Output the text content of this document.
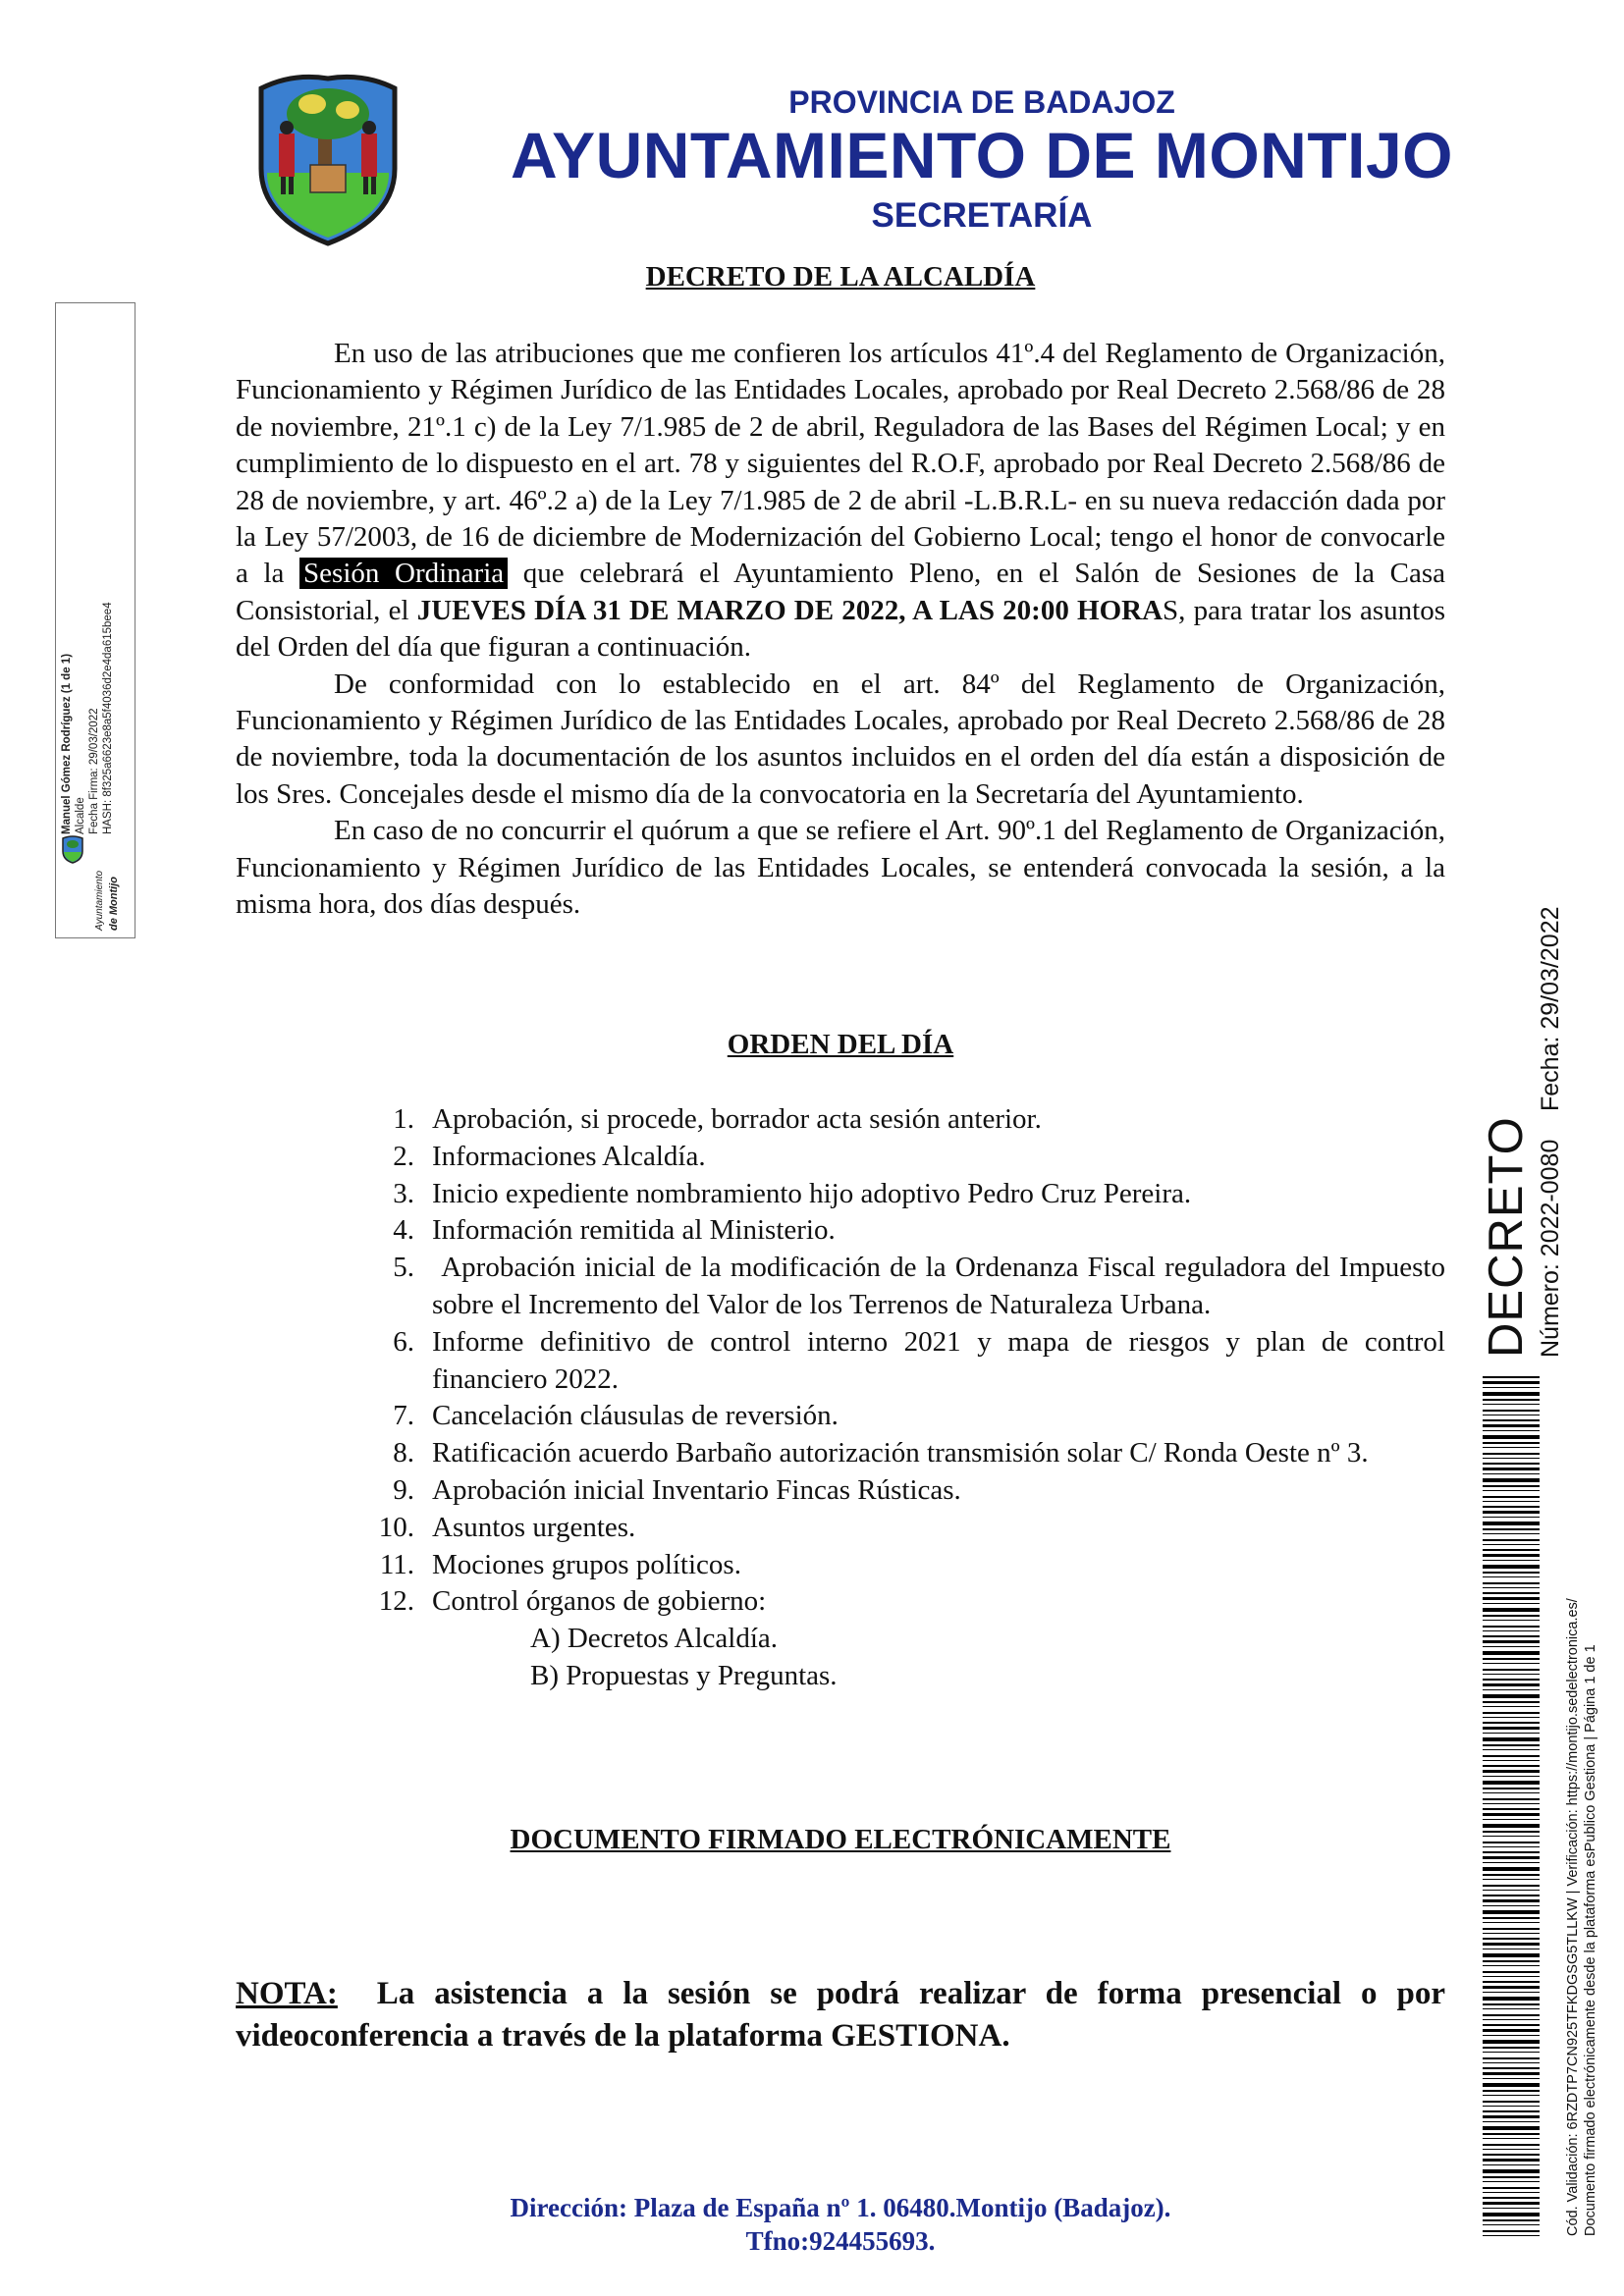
PROVINCIA DE BADAJOZ
AYUNTAMIENTO DE MONTIJO
SECRETARÍA
DECRETO DE LA ALCALDÍA

En uso de las atribuciones que me confieren los artículos 41º.4 del Reglamento de Organización, Funcionamiento y Régimen Jurídico de las Entidades Locales, aprobado por Real Decreto 2.568/86 de 28 de noviembre, 21º.1 c) de la Ley 7/1.985 de 2 de abril, Reguladora de las Bases del Régimen Local; y en cumplimiento de lo dispuesto en el art. 78 y siguientes del R.O.F, aprobado por Real Decreto 2.568/86 de 28 de noviembre, y art. 46º.2 a) de la Ley 7/1.985 de 2 de abril -L.B.R.L- en su nueva redacción dada por la Ley 57/2003, de 16 de diciembre de Modernización del Gobierno Local; tengo el honor de convocarle a la Sesión Ordinaria que celebrará el Ayuntamiento Pleno, en el Salón de Sesiones de la Casa Consistorial, el JUEVES DÍA 31 DE MARZO DE 2022, A LAS 20:00 HORAS, para tratar los asuntos del Orden del día que figuran a continuación.

De conformidad con lo establecido en el art. 84º del Reglamento de Organización, Funcionamiento y Régimen Jurídico de las Entidades Locales, aprobado por Real Decreto 2.568/86 de 28 de noviembre, toda la documentación de los asuntos incluidos en el orden del día están a disposición de los Sres. Concejales desde el mismo día de la convocatoria en la Secretaría del Ayuntamiento.

En caso de no concurrir el quórum a que se refiere el Art. 90º.1 del Reglamento de Organización, Funcionamiento y Régimen Jurídico de las Entidades Locales, se entenderá convocada la sesión, a la misma hora, dos días después.

ORDEN DEL DÍA
1. Aprobación, si procede, borrador acta sesión anterior.
2. Informaciones Alcaldía.
3. Inicio expediente nombramiento hijo adoptivo Pedro Cruz Pereira.
4. Información remitida al Ministerio.
5. Aprobación inicial de la modificación de la Ordenanza Fiscal reguladora del Impuesto sobre el Incremento del Valor de los Terrenos de Naturaleza Urbana.
6. Informe definitivo de control interno 2021 y mapa de riesgos y plan de control financiero 2022.
7. Cancelación cláusulas de reversión.
8. Ratificación acuerdo Barbaño autorización transmisión solar C/ Ronda Oeste nº 3.
9. Aprobación inicial Inventario Fincas Rústicas.
10. Asuntos urgentes.
11. Mociones grupos políticos.
12. Control órganos de gobierno:
A) Decretos Alcaldía.
B) Propuestas y Preguntas.
DOCUMENTO FIRMADO ELECTRÓNICAMENTE
NOTA: La asistencia a la sesión se podrá realizar de forma presencial o por videoconferencia a través de la plataforma GESTIONA.
Dirección: Plaza de España nº 1. 06480.Montijo (Badajoz).
Tfno:924455693.
Manuel Gómez Rodríguez (1 de 1) Alcalde Fecha Firma: 29/03/2022 HASH: 8f325a6623e8a5f4036d2e4da615bee4
Ayuntamiento de Montijo
DECRETO Número: 2022-0080
Fecha: 29/03/2022
Cód. Validación: 6RZDTP7CN925TFKDGSG5TLLKW | Verificación: https://montijo.sedelectronica.es/ Documento firmado electrónicamente desde la plataforma esPublico Gestiona | Página 1 de 1
